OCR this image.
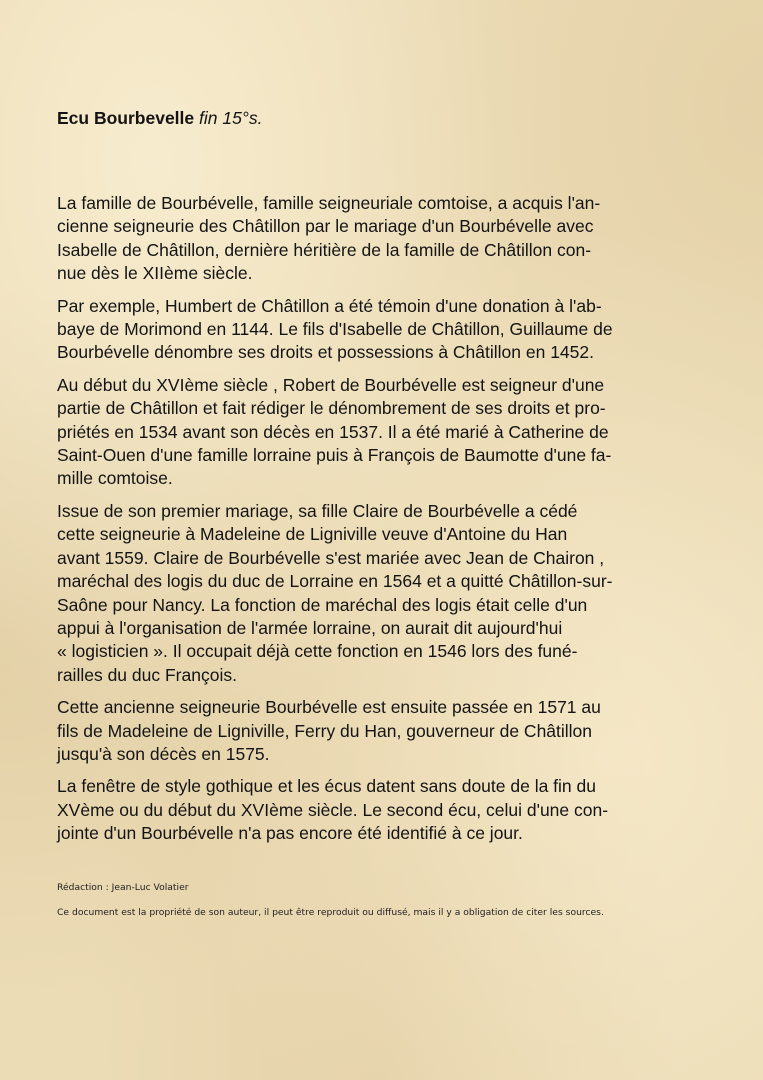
Ecu Bourbevelle fin 15°s.

La famille de Bourbévelle, famille seigneuriale comtoise, a acquis l'an-
cienne seigneurie des Châtillon par le mariage d'un Bourbévelle avec
Isabelle de Châtillon, dernière héritière de la famille de Châtillon con-
nue dès le XIIème siècle.

Par exemple, Humbert de Châtillon a été témoin d'une donation à l'ab-
baye de Morimond en 1144. Le fils d'Isabelle de Châtillon, Guillaume de
Bourbévelle dénombre ses droits et possessions à Châtillon en 1452.

Au début du XVIème siècle , Robert de Bourbévelle est seigneur d'une
partie de Châtillon et fait rédiger le dénombrement de ses droits et pro-
priétés en 1534 avant son décès en 1537. Il a été marié à Catherine de
Saint-Ouen d'une famille lorraine puis à François de Baumotte d'une fa-
mille comtoise.

Issue de son premier mariage, sa fille Claire de Bourbévelle a cédé
cette seigneurie à Madeleine de Ligniville veuve d'Antoine du Han
avant 1559. Claire de Bourbévelle s'est mariée avec Jean de Chairon ,
maréchal des logis du duc de Lorraine en 1564 et a quitté Châtillon-sur-
Saône pour Nancy. La fonction de maréchal des logis était celle d'un
appui à l'organisation de l'armée lorraine, on aurait dit aujourd'hui
« logisticien ». Il occupait déjà cette fonction en 1546 lors des funé-
railles du duc François.

Cette ancienne seigneurie Bourbévelle est ensuite passée en 1571 au
fils de Madeleine de Ligniville, Ferry du Han, gouverneur de Châtillon
jusqu'à son décès en 1575.

La fenêtre de style gothique et les écus datent sans doute de la fin du
XVème ou du début du XVIème siècle. Le second écu, celui d'une con-
jointe d'un Bourbévelle n'a pas encore été identifié à ce jour.

Rédaction : Jean-Luc Volatier
Ce document est la propriété de son auteur, il peut être reproduit ou diffusé, mais il y a obligation de citer les sources.
